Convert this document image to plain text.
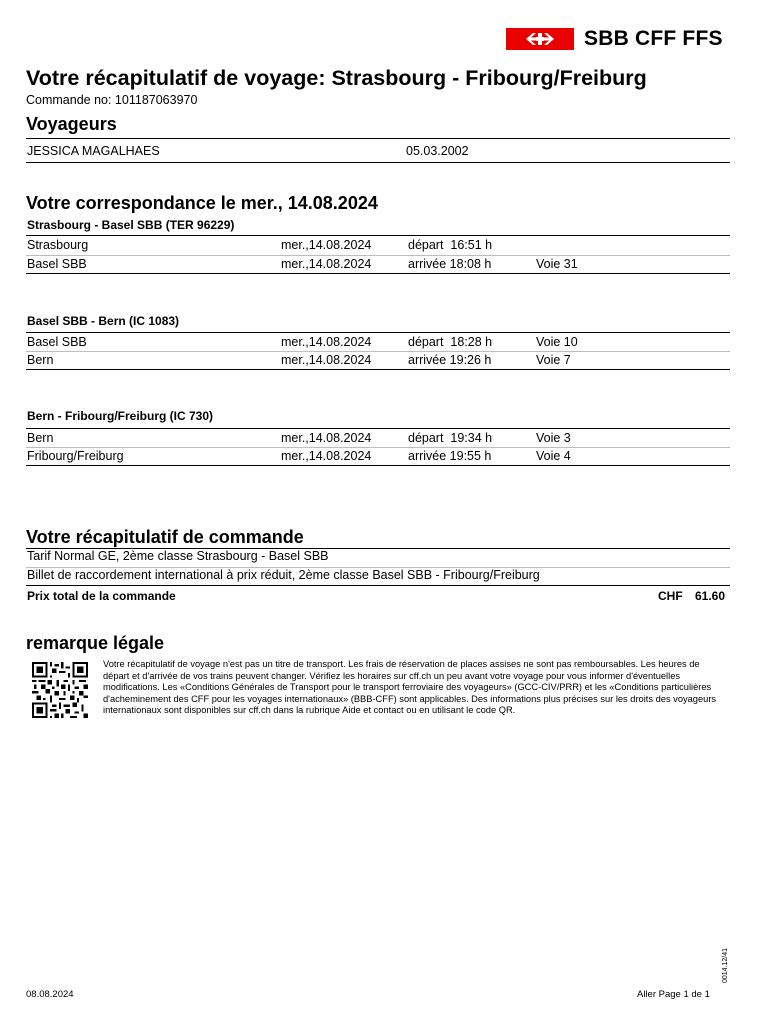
SBB CFF FFS
Votre récapitulatif de voyage: Strasbourg - Fribourg/Freiburg
Commande no: 101187063970
Voyageurs
JESSICA MAGALHAES	05.03.2002
Votre correspondance le mer., 14.08.2024
Strasbourg - Basel SBB (TER 96229)
Strasbourg	mer.,14.08.2024	départ  16:51 h
Basel SBB	mer.,14.08.2024	arrivée 18:08 h	Voie 31
Basel SBB - Bern (IC 1083)
Basel SBB	mer.,14.08.2024	départ  18:28 h	Voie 10
Bern	mer.,14.08.2024	arrivée 19:26 h	Voie 7
Bern - Fribourg/Freiburg (IC 730)
Bern	mer.,14.08.2024	départ  19:34 h	Voie 3
Fribourg/Freiburg	mer.,14.08.2024	arrivée 19:55 h	Voie 4
Votre récapitulatif de commande
Tarif Normal GE, 2ème classe Strasbourg - Basel SBB
Billet de raccordement international à prix réduit, 2ème classe Basel SBB - Fribourg/Freiburg
Prix total de la commande	CHF 61.60
remarque légale
Votre récapitulatif de voyage n'est pas un titre de transport. Les frais de réservation de places assises ne sont pas remboursables. Les heures de départ et d'arrivée de vos trains peuvent changer. Vérifiez les horaires sur cff.ch un peu avant votre voyage pour vous informer d'éventuelles modifications. Les «Conditions Générales de Transport pour le transport ferroviaire des voyageurs» (GCC-CIV/PRR) et les «Conditions particulières d'acheminement des CFF pour les voyages internationaux» (BBB-CFF) sont applicables. Des informations plus précises sur les droits des voyageurs internationaux sont disponibles sur cff.ch dans la rubrique Aide et contact ou en utilisant le code QR.
08.08.2024	Aller Page 1 de 1
0014.12/41
